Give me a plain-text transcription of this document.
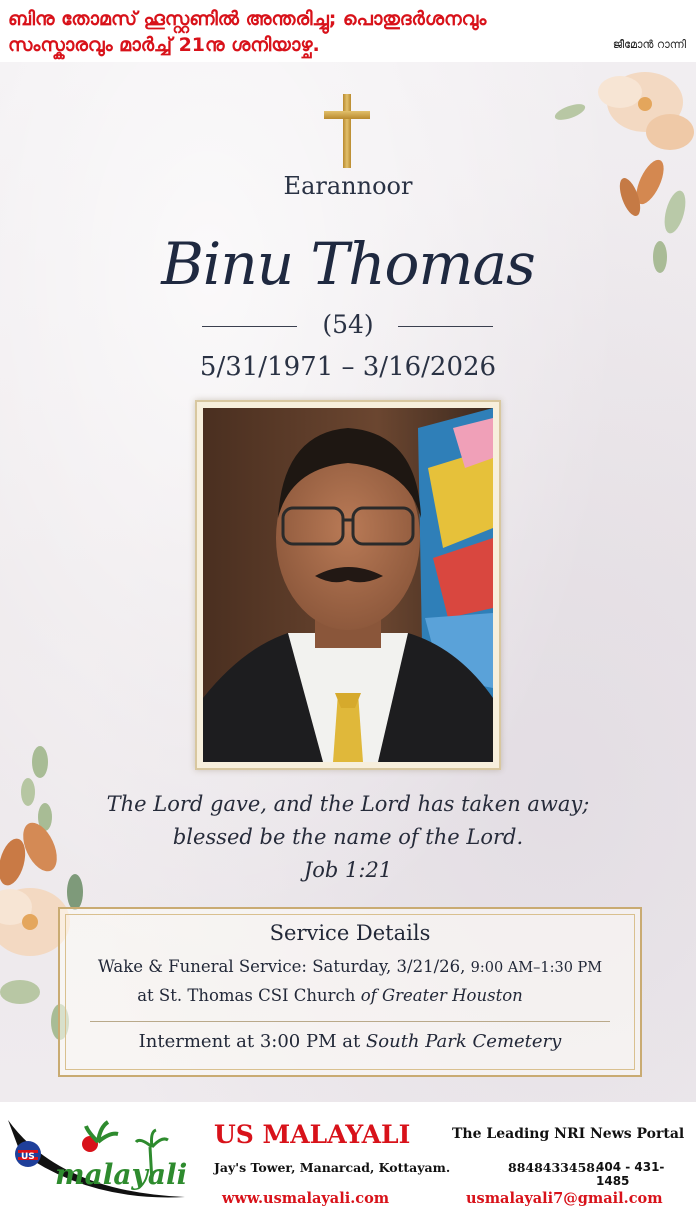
ബിനു തോമസ് ഹൂസ്റ്റണിൽ അന്തരിച്ചു; പൊതുദർശനവും
സംസ്കാരവും മാർച്ച് 21നു ശനിയാഴ്ച.	ജീമോൻ റാന്നി
Earannoor
Binu Thomas
(54)
5/31/1971 – 3/16/2026
The Lord gave, and the Lord has taken away;
blessed be the name of the Lord.
Job 1:21
Service Details
Wake & Funeral Service: Saturday, 3/21/26, 9:00 AM–1:30 PM
at St. Thomas CSI Church of Greater Houston
Interment at 3:00 PM at South Park Cemetery
US
malayali
US MALAYALI	The Leading NRI News Portal
Jay's Tower, Manarcad, Kottayam.	8848433458.
404 - 431-1485
www.usmalayali.com	usmalayali7@gmail.com
